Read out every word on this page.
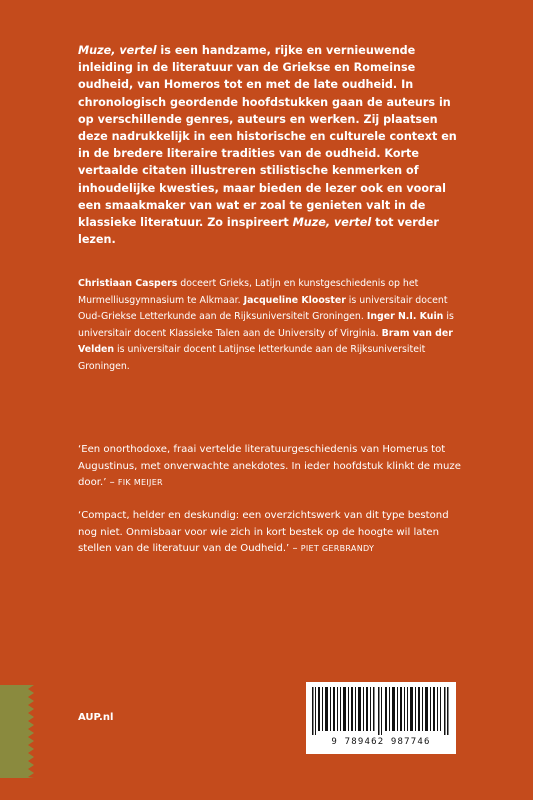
Muze, vertel is een handzame, rijke en vernieuwende inleiding in de literatuur van de Griekse en Romeinse oudheid, van Homeros tot en met de late oudheid. In chronologisch geordende hoofdstukken gaan de auteurs in op verschillende genres, auteurs en werken. Zij plaatsen deze nadrukkelijk in een historische en culturele context en in de bredere literaire tradities van de oudheid. Korte vertaalde citaten illustreren stilistische kenmerken of inhoudelijke kwesties, maar bieden de lezer ook en vooral een smaakmaker van wat er zoal te genieten valt in de klassieke literatuur. Zo inspireert Muze, vertel tot verder lezen.
Christiaan Caspers doceert Grieks, Latijn en kunstgeschiedenis op het Murmelliusgymnasium te Alkmaar. Jacqueline Klooster is universitair docent Oud-Griekse Letterkunde aan de Rijksuniversiteit Groningen. Inger N.I. Kuin is universitair docent Klassieke Talen aan de University of Virginia. Bram van der Velden is universitair docent Latijnse letterkunde aan de Rijksuniversiteit Groningen.
‘Een onorthodoxe, fraai vertelde literatuurgeschiedenis van Homerus tot Augustinus, met onverwachte anekdotes. In ieder hoofdstuk klinkt de muze door.’ – FIK MEIJER
‘Compact, helder en deskundig: een overzichtswerk van dit type bestond nog niet. Onmisbaar voor wie zich in kort bestek op de hoogte wil laten stellen van de literatuur van de Oudheid.’ – PIET GERBRANDY
AUP.nl
9 789462 987746
